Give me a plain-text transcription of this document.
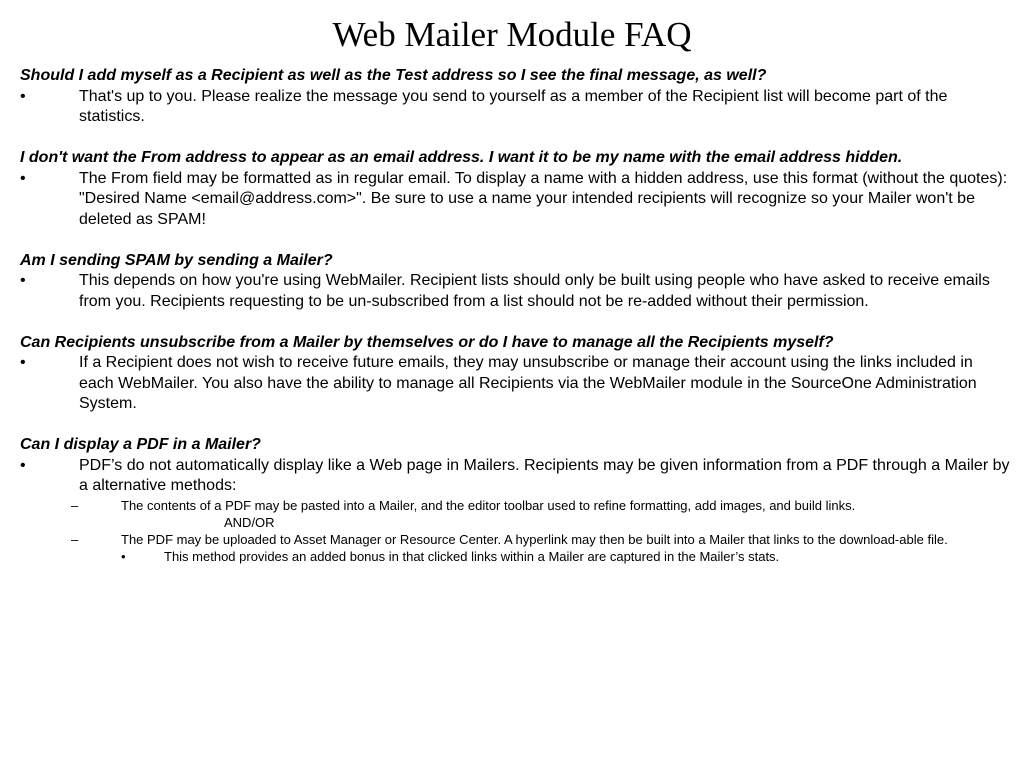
Web Mailer Module FAQ

Should I add myself as a Recipient as well as the Test address so I see the final message, as well?

•	That's up to you. Please realize the message you send to yourself as a member of the Recipient list will become part of the statistics.

I don't want the From address to appear as an email address. I want it to be my name with the email address hidden.

•	The From field may be formatted as in regular email. To display a name with a hidden address, use this format (without the quotes): "Desired Name <email@address.com>". Be sure to use a name your intended recipients will recognize so your Mailer won't be deleted as SPAM!

Am I sending SPAM by sending a Mailer?

•	This depends on how you're using WebMailer. Recipient lists should only be built using people who have asked to receive emails from you. Recipients requesting to be un-subscribed from a list should not be re-added without their permission.

Can Recipients unsubscribe from a Mailer by themselves or do I have to manage all the Recipients myself?

•	If a Recipient does not wish to receive future emails, they may unsubscribe or manage their account using the links included in each WebMailer. You also have the ability to manage all Recipients via the WebMailer module in the SourceOne Administration System.

Can I display a PDF in a Mailer?

•	PDF’s do not automatically display like a Web page in Mailers. Recipients may be given information from a PDF through a Mailer by a alternative methods:
–	The contents of a PDF may be pasted into a Mailer, and the editor toolbar used to refine formatting, add images, and build links.
AND/OR
–	The PDF may be uploaded to Asset Manager or Resource Center. A hyperlink may then be built into a Mailer that links to the download-able file.
•	This method provides an added bonus in that clicked links within a Mailer are captured in the Mailer’s stats.
